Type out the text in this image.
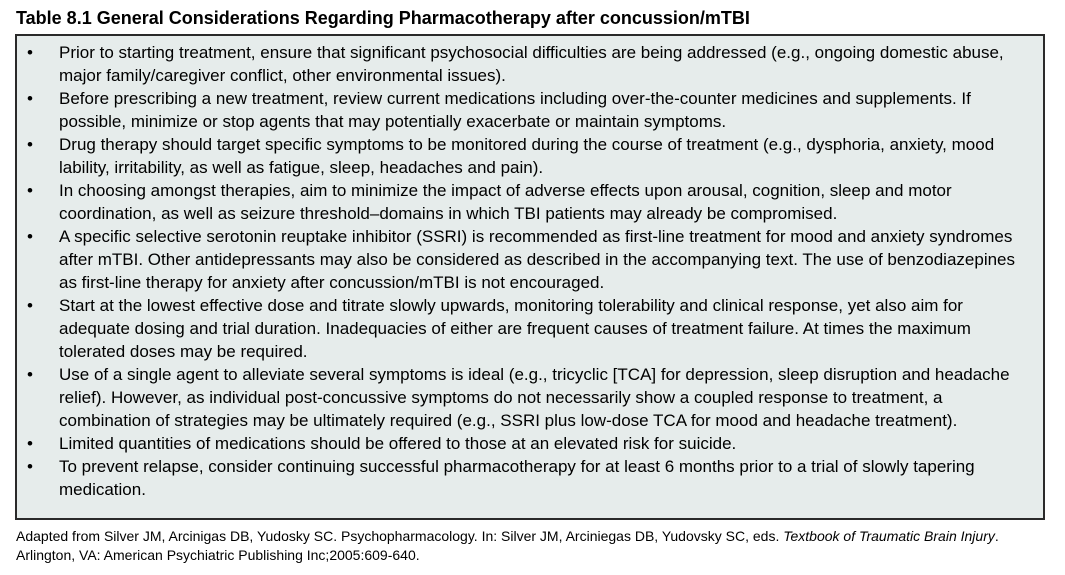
Table 8.1 General Considerations Regarding Pharmacotherapy after concussion/mTBI
• Prior to starting treatment, ensure that significant psychosocial difficulties are being addressed (e.g., ongoing domestic abuse, major family/caregiver conflict, other environmental issues).
• Before prescribing a new treatment, review current medications including over-the-counter medicines and supplements. If possible, minimize or stop agents that may potentially exacerbate or maintain symptoms.
• Drug therapy should target specific symptoms to be monitored during the course of treatment (e.g., dysphoria, anxiety, mood lability, irritability, as well as fatigue, sleep, headaches and pain).
• In choosing amongst therapies, aim to minimize the impact of adverse effects upon arousal, cognition, sleep and motor coordination, as well as seizure threshold–domains in which TBI patients may already be compromised.
• A specific selective serotonin reuptake inhibitor (SSRI) is recommended as first-line treatment for mood and anxiety syndromes after mTBI. Other antidepressants may also be considered as described in the accompanying text. The use of benzodiazepines as first-line therapy for anxiety after concussion/mTBI is not encouraged.
• Start at the lowest effective dose and titrate slowly upwards, monitoring tolerability and clinical response, yet also aim for adequate dosing and trial duration. Inadequacies of either are frequent causes of treatment failure. At times the maximum tolerated doses may be required.
• Use of a single agent to alleviate several symptoms is ideal (e.g., tricyclic [TCA] for depression, sleep disruption and headache relief). However, as individual post-concussive symptoms do not necessarily show a coupled response to treatment, a combination of strategies may be ultimately required (e.g., SSRI plus low-dose TCA for mood and headache treatment).
• Limited quantities of medications should be offered to those at an elevated risk for suicide.
• To prevent relapse, consider continuing successful pharmacotherapy for at least 6 months prior to a trial of slowly tapering medication.
Adapted from Silver JM, Arcinigas DB, Yudosky SC. Psychopharmacology. In: Silver JM, Arciniegas DB, Yudovsky SC, eds. Textbook of Traumatic Brain Injury. Arlington, VA: American Psychiatric Publishing Inc;2005:609-640.
